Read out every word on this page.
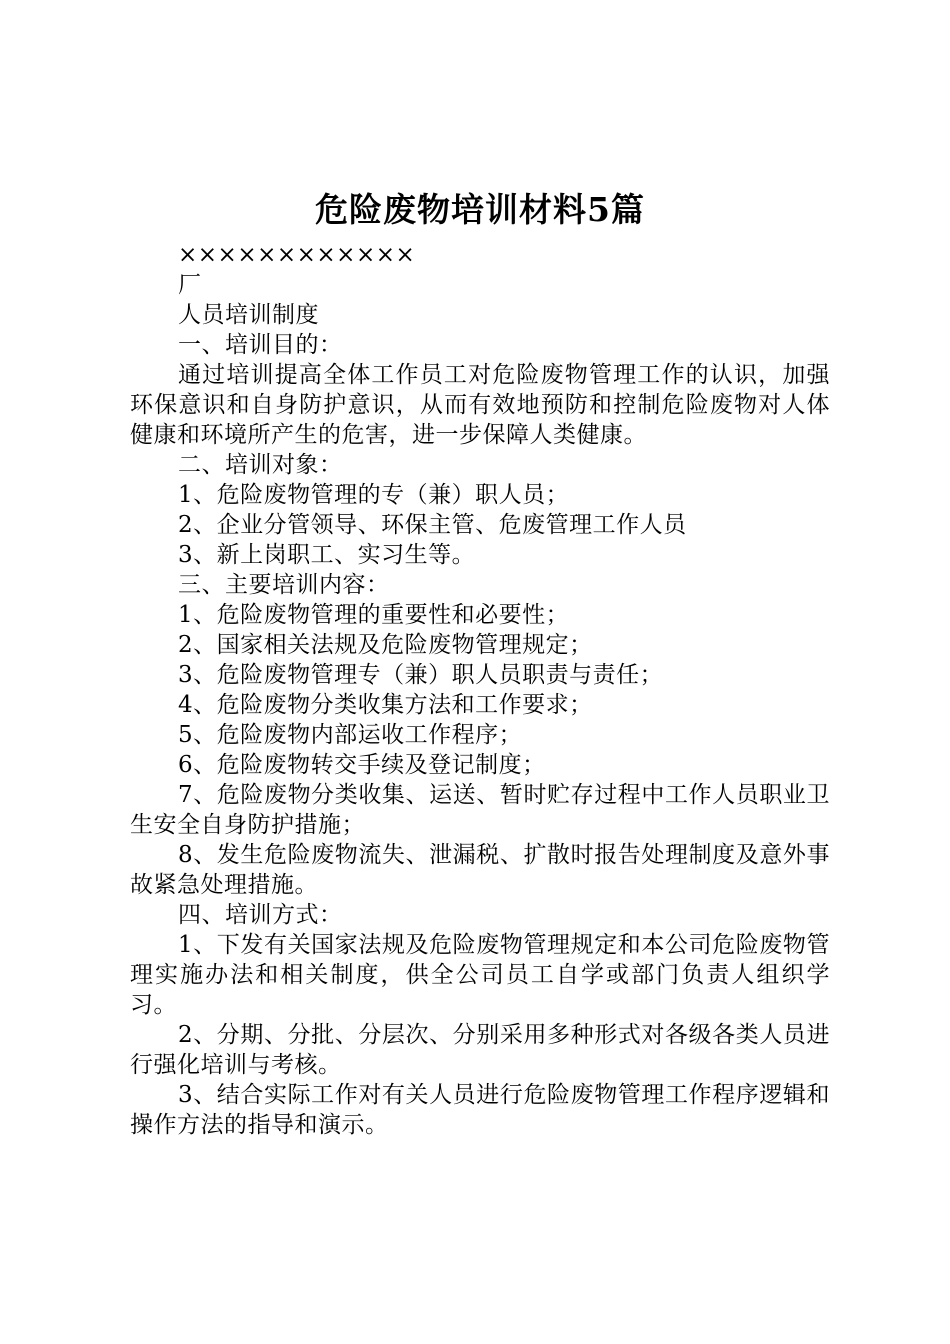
危险废物培训材料5篇

××××××××××××

厂

人员培训制度

一、培训目的：

通过培训提高全体工作员工对危险废物管理工作的认识，加强环保意识和自身防护意识，从而有效地预防和控制危险废物对人体健康和环境所产生的危害，进一步保障人类健康。

二、培训对象：

1、危险废物管理的专（兼）职人员；

2、企业分管领导、环保主管、危废管理工作人员

3、新上岗职工、实习生等。

三、主要培训内容：

1、危险废物管理的重要性和必要性；

2、国家相关法规及危险废物管理规定；

3、危险废物管理专（兼）职人员职责与责任；

4、危险废物分类收集方法和工作要求；

5、危险废物内部运收工作程序；

6、危险废物转交手续及登记制度；

7、危险废物分类收集、运送、暂时贮存过程中工作人员职业卫生安全自身防护措施；

8、发生危险废物流失、泄漏税、扩散时报告处理制度及意外事故紧急处理措施。

四、培训方式：

1、下发有关国家法规及危险废物管理规定和本公司危险废物管理实施办法和相关制度，供全公司员工自学或部门负责人组织学习。

2、分期、分批、分层次、分别采用多种形式对各级各类人员进行强化培训与考核。

3、结合实际工作对有关人员进行危险废物管理工作程序逻辑和操作方法的指导和演示。
